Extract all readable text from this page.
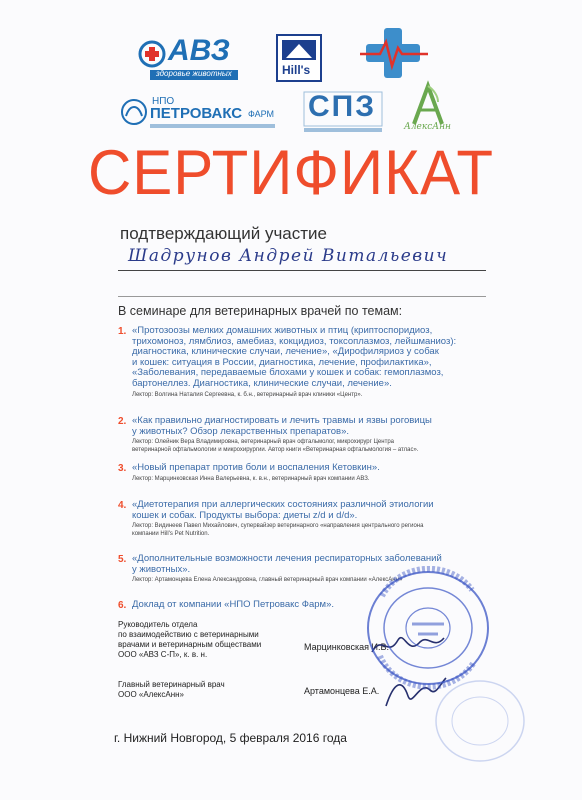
АВЗ
здоровье животных	Hill's
НПО
ПЕТРОВАКС ФАРМ СПЗ
АлексАнн
СЕРТИФИКАТ
подтверждающий участие
Шадрунов Андрей Витальевич
В семинаре для ветеринарных врачей по темам:
1. «Протозоозы мелких домашних животных и птиц (криптоспоридиоз,
трихомоноз, лямблиоз, амебиаз, кокцидиоз, токсоплазмоз, лейшманиоз):
диагностика, клинические случаи, лечение», «Дирофиляриоз у собак
и кошек: ситуация в России, диагностика, лечение, профилактика»,
«Заболевания, передаваемые блохами у кошек и собак: гемоплазмоз,
бартонеллез. Диагностика, клинические случаи, лечение».
Лектор: Волгина Наталия Сергеевна, к. б.н., ветеринарный врач клиники «Центр».
2. «Как правильно диагностировать и лечить травмы и язвы роговицы
у животных? Обзор лекарственных препаратов».
Лектор: Олейник Вера Владимировна, ветеринарный врач офтальмолог, микрохирург Центра
ветеринарной офтальмологии и микрохирургии. Автор книги «Ветеринарная офтальмология – атлас».
3. «Новый препарат против боли и воспаления Кетовкин».
Лектор: Марцинковская Инна Валерьевна, к. в.н., ветеринарный врач компании АВЗ.
4. «Диетотерапия при аллергических состояниях различной этиологии
кошек и собак. Продукты выбора: диеты z/d и d/d».
Лектор: Видинеев Павел Михайлович, супервайзер ветеринарного «направления центрального региона
компании Hill's Pet Nutrition.
5. «Дополнительные возможности лечения респираторных заболеваний
у животных».
Лектор: Артамонцева Елена Александровна, главный ветеринарный врач компании «АлексАнн»
6. Доклад от компании «НПО Петровакс Фарм».
Руководитель отдела
по взаимодействию с ветеринарными
врачами и ветеринарным обществами
ООО «АВЗ С-П», к. в. н.
Марцинковская И.В.
Главный ветеринарный врач
ООО «АлексАнн»	Артамонцева Е.А.
г. Нижний Новгород, 5 февраля 2016 года
